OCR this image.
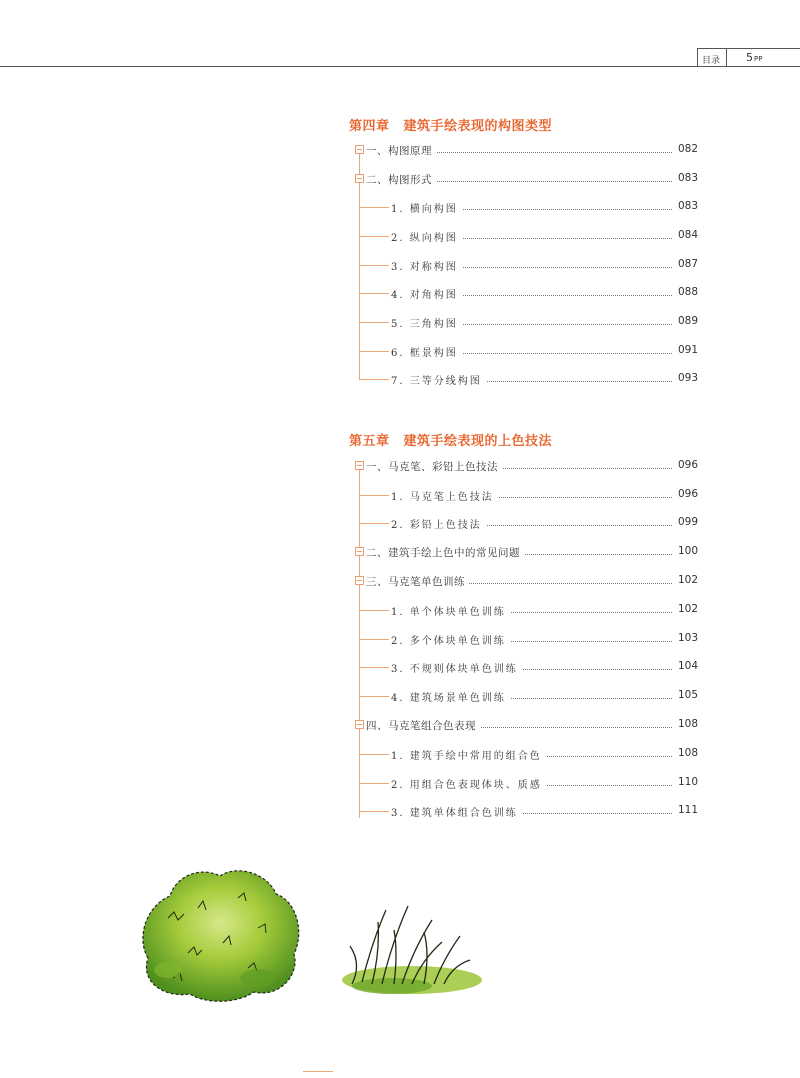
目录 5PP
第四章 建筑手绘表现的构图类型
一、构图原理	082
二、构图形式	083
1. 横向构图	083
2. 纵向构图	084
3. 对称构图	087
4. 对角构图	088
5. 三角构图	089
6. 框景构图	091
7. 三等分线构图	093
第五章 建筑手绘表现的上色技法
一、马克笔、彩铅上色技法	096
1. 马克笔上色技法	096
2. 彩铅上色技法	099
二、建筑手绘上色中的常见问题	100
三、马克笔单色训练	102
1. 单个体块单色训练	102
2. 多个体块单色训练	103
3. 不规则体块单色训练	104
4. 建筑场景单色训练	105
四、马克笔组合色表现	108
1. 建筑手绘中常用的组合色	108
2. 用组合色表现体块、质感	110
3. 建筑单体组合色训练	111
